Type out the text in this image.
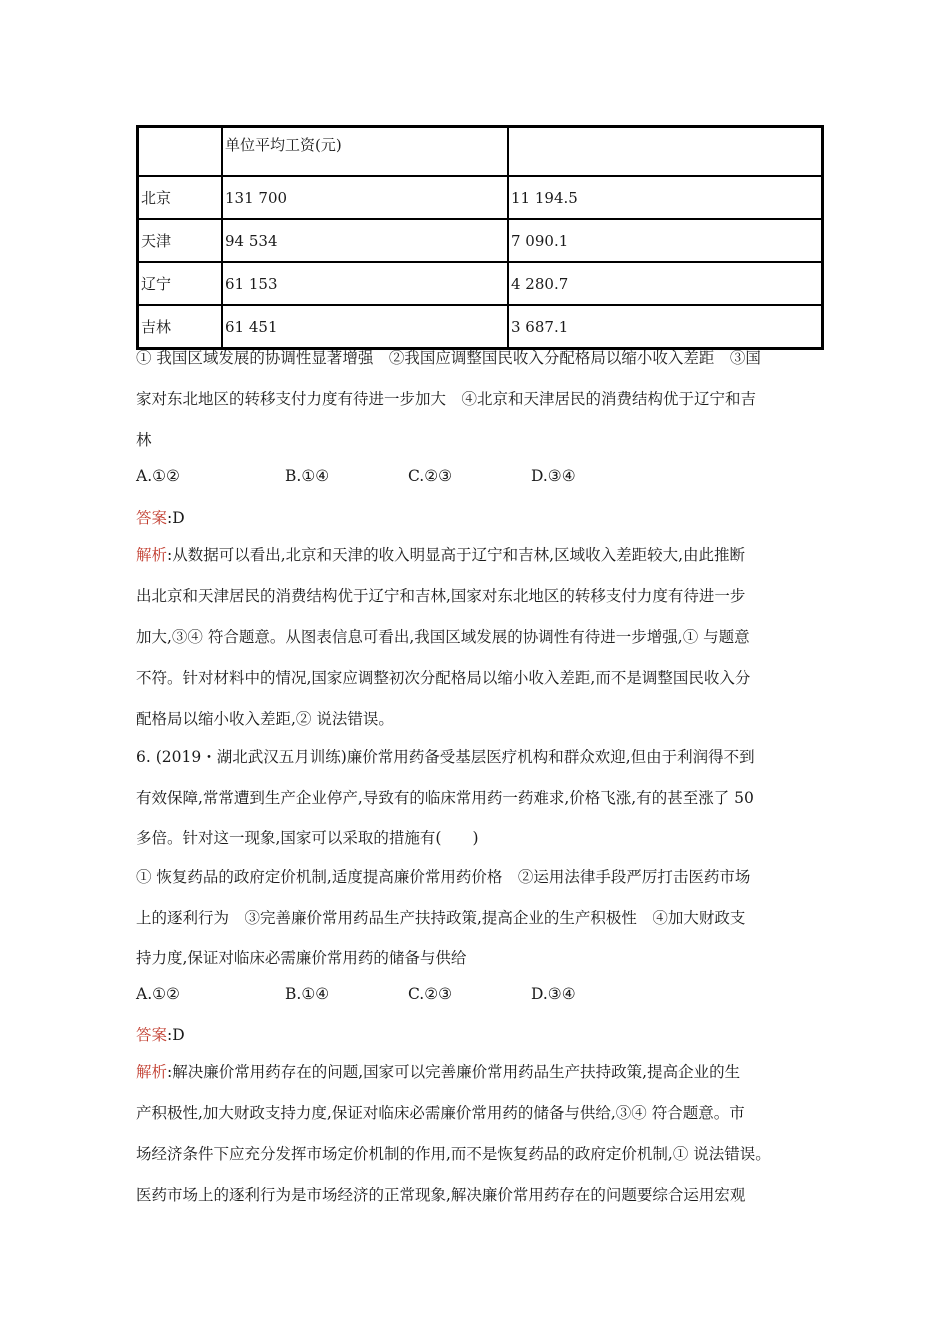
	单位平均工资(元)	
北京	131 700	11 194.5
天津	94 534	7 090.1
辽宁	61 153	4 280.7
吉林	61 451	3 687.1
① 我国区域发展的协调性显著增强　②我国应调整国民收入分配格局以缩小收入差距　③国
家对东北地区的转移支付力度有待进一步加大　④北京和天津居民的消费结构优于辽宁和吉
林
A.①②	B.①④	C.②③	D.③④
答案:D
解析:从数据可以看出,北京和天津的收入明显高于辽宁和吉林,区域收入差距较大,由此推断
出北京和天津居民的消费结构优于辽宁和吉林,国家对东北地区的转移支付力度有待进一步
加大,③④ 符合题意。从图表信息可看出,我国区域发展的协调性有待进一步增强,① 与题意
不符。针对材料中的情况,国家应调整初次分配格局以缩小收入差距,而不是调整国民收入分
配格局以缩小收入差距,② 说法错误。
6. (2019・湖北武汉五月训练)廉价常用药备受基层医疗机构和群众欢迎,但由于利润得不到
有效保障,常常遭到生产企业停产,导致有的临床常用药一药难求,价格飞涨,有的甚至涨了 50
多倍。针对这一现象,国家可以采取的措施有(　　)
① 恢复药品的政府定价机制,适度提高廉价常用药价格　②运用法律手段严厉打击医药市场
上的逐利行为　③完善廉价常用药品生产扶持政策,提高企业的生产积极性　④加大财政支
持力度,保证对临床必需廉价常用药的储备与供给
A.①②	B.①④	C.②③	D.③④
答案:D
解析:解决廉价常用药存在的问题,国家可以完善廉价常用药品生产扶持政策,提高企业的生
产积极性,加大财政支持力度,保证对临床必需廉价常用药的储备与供给,③④ 符合题意。市
场经济条件下应充分发挥市场定价机制的作用,而不是恢复药品的政府定价机制,① 说法错误。
医药市场上的逐利行为是市场经济的正常现象,解决廉价常用药存在的问题要综合运用宏观
